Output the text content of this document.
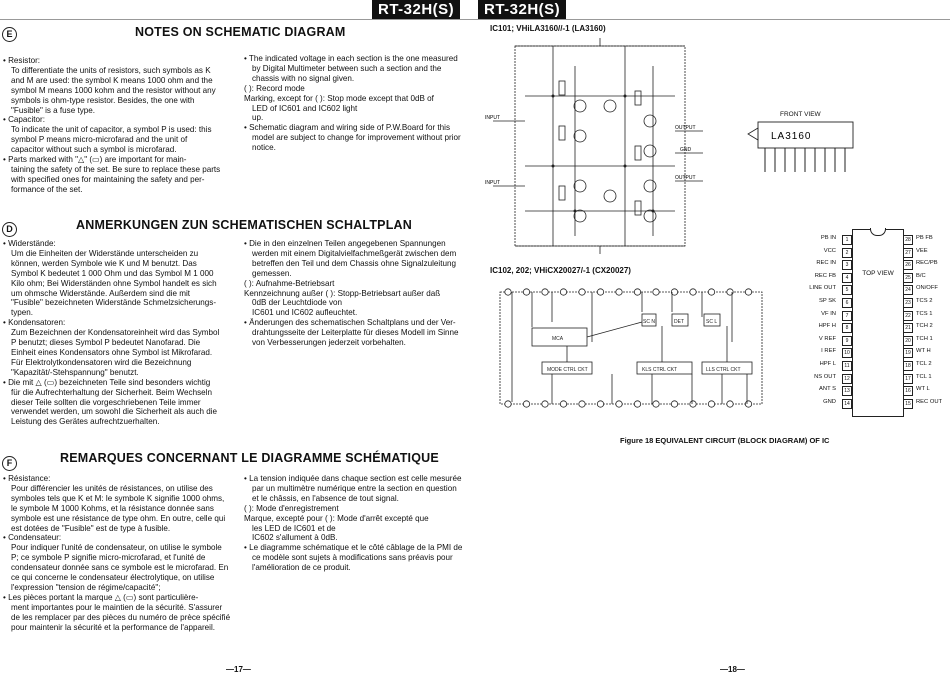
RT-32H(S)	RT-32H(S)
E	NOTES ON SCHEMATIC DIAGRAM
• Resistor:
To differentiate the units of resistors, such symbols as K
and M are used: the symbol K means 1000 ohm and the
symbol M means 1000 kohm and the resistor without any
symbols is ohm-type resistor. Besides, the one with
"Fusible" is a fuse type.
• Capacitor:
To indicate the unit of capacitor, a symbol P is used: this
symbol P means micro-microfarad and the unit of
capacitor without such a symbol is microfarad.
• Parts marked with "△" (▭) are important for main-
taining the safety of the set. Be sure to replace these parts
with specified ones for maintaining the safety and per-
formance of the set.
• The indicated voltage in each section is the one measured
by Digital Multimeter between such a section and the
chassis with no signal given.
( ): Record mode
Marking, except for ( ): Stop mode except that 0dB of
LED of IC601 and IC602 light
up.
• Schematic diagram and wiring side of P.W.Board for this
model are subject to change for improvement without prior
notice.
D	ANMERKUNGEN ZUN SCHEMATISCHEN SCHALTPLAN
• Widerstände:
Um die Einheiten der Widerstände unterscheiden zu
können, werden Symbole wie K und M benutzt. Das
Symbol K bedeutet 1 000 Ohm und das Symbol M 1 000
Kilo ohm; Bei Widerständen ohne Symbol handelt es sich
um ohmsche Widerstände. Außerdem sind die mit
"Fusible" bezeichneten Widerstände Schmelzsicherungs-
typen.
• Kondensatoren:
Zum Bezeichnen der Kondensatoreinheit wird das Symbol
P benutzt; dieses Symbol P bedeutet Nanofarad. Die
Einheit eines Kondensators ohne Symbol ist Mikrofarad.
Für Elektrolytkondensatoren wird die Bezeichnung
"Kapazität/-Stehspannung" benutzt.
• Die mit △ (▭) bezeichneten Teile sind besonders wichtig
für die Aufrechterhaltung der Sicherheit. Beim Wechseln
dieser Teile sollten die vorgeschriebenen Teile immer
verwendet werden, um sowohl die Sicherheit als auch die
Leistung des Gerätes aufrechtzuerhalten.
• Die in den einzelnen Teilen angegebenen Spannungen
werden mit einem Digitalvielfachmeßgerät zwischen dem
betreffen den Teil und dem Chassis ohne Signalzuleitung
gemessen.
( ): Aufnahme-Betriebsart
Kennzeichnung außer ( ): Stopp-Betriebsart außer daß
0dB der Leuchtdiode von
IC601 und IC602 aufleuchtet.
• Änderungen des schematischen Schaltplans und der Ver-
drahtungsseite der Leiterplatte für dieses Modell im Sinne
von Verbesserungen jederzeit vorbehalten.
F	REMARQUES CONCERNANT LE DIAGRAMME SCHÉMATIQUE
• Résistance:
Pour différencier les unités de résistances, on utilise des
symboles tels que K et M: le symbole K signifie 1000 ohms,
le symbole M 1000 Kohms, et la résistance donnée sans
symbole est une résistance de type ohm. En outre, celle qui
est dotées de "Fusible" est de type à fusible.
• Condensateur:
Pour indiquer l'unité de condensateur, on utilise le symbole
P; ce symbole P signifie micro-microfarad, et l'unité de
condensateur donnée sans ce symbole est le microfarad. En
ce qui concerne le condensateur électrolytique, on utilise
l'expression "tension de régime/capacité";
• Les pièces portant la marque △ (▭) sont particulière-
ment importantes pour le maintien de la sécurité. S'assurer
de les remplacer par des pièces du numéro de prèce spécifié
pour maintenir la sécurité et la performance de l'appareil.
• La tension indiquée dans chaque section est celle mesurée
par un multimètre numérique entre la section en question
et le châssis, en l'absence de tout signal.
( ): Mode d'enregistrement
Marque, excepté pour ( ): Mode d'arrêt excepté que
les LED de IC601 et de
IC602 s'allument à 0dB.
• Le diagramme schématique et le côté câblage de la PMI de
ce modèle sont sujets à modifications sans préavis pour
l'amélioration de ce produit.
IC101; VHiLA3160//-1 (LA3160)
INPUT
INPUT
OUTPUT
OUTPUT
GND
FRONT VIEW
LA3160
IC102, 202; VHiCX20027/-1 (CX20027)
MCA
MODE CTRL CKT	KLS CTRL CKT	LLS CTRL CKT
SC N	DET	SC L
TOP VIEW
PB IN	1
VCC	2
REC IN	3
REC FB	4
LINE OUT	5
SP SK	6
VF IN	7
HPF H	8
V REF	9
I REF	10
HPF L	11
NS OUT	12
ANT S	13
GND	14
28 PB FB
27 VEE
26 REC/PB
25 B/C
24 ON/OFF
23 TCS 2
22 TCS 1
21 TCH 2
20 TCH 1
19 WT H
18 TCL 2
17 TCL 1
16 WT L
15 REC OUT
Figure 18 EQUIVALENT CIRCUIT (BLOCK DIAGRAM) OF IC
—17—	—18—
